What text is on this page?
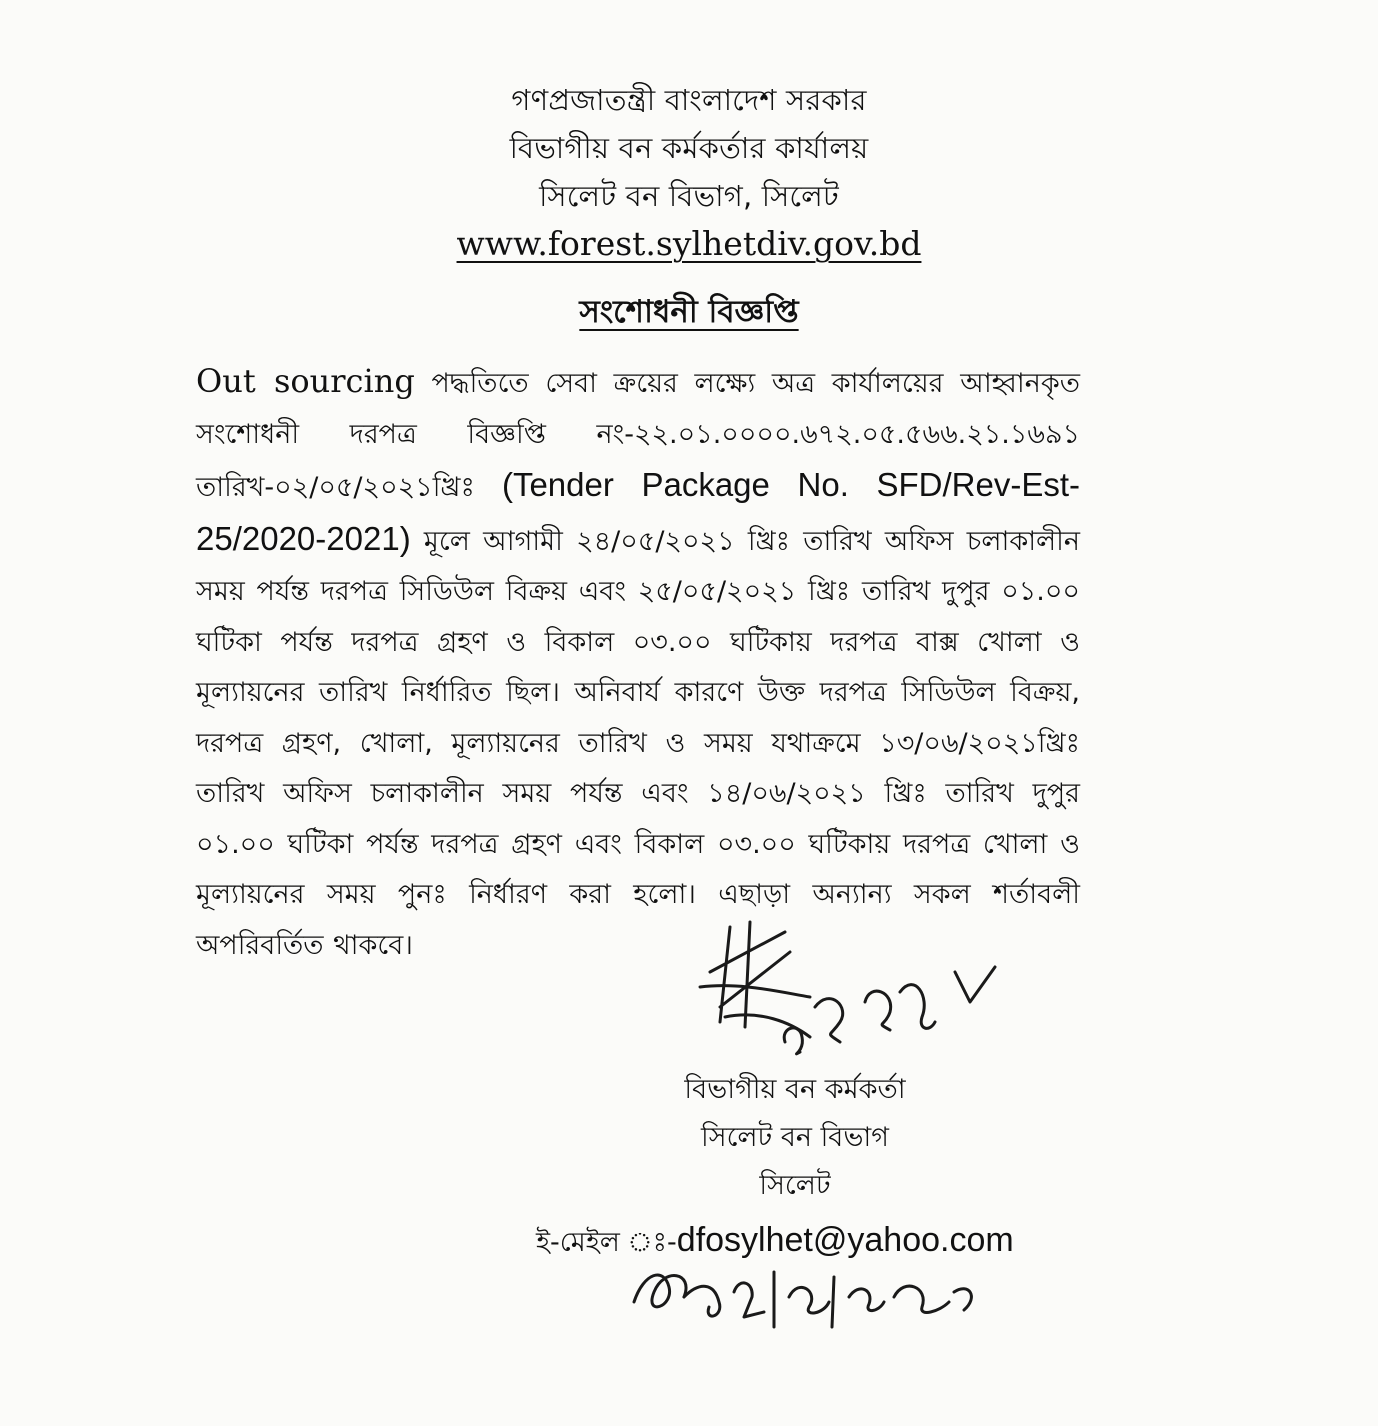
গণপ্রজাতন্ত্রী বাংলাদেশ সরকার
বিভাগীয় বন কর্মকর্তার কার্যালয়
সিলেট বন বিভাগ, সিলেট
www.forest.sylhetdiv.gov.bd
সংশোধনী বিজ্ঞপ্তি
Out sourcing পদ্ধতিতে সেবা ক্রয়ের লক্ষ্যে অত্র কার্যালয়ের আহ্বানকৃত সংশোধনী দরপত্র বিজ্ঞপ্তি নং-২২.০১.০০০০.৬৭২.০৫.৫৬৬.২১.১৬৯১ তারিখ-০২/০৫/২০২১খ্রিঃ (Tender Package No. SFD/Rev-Est-25/2020-2021) মূলে আগামী ২৪/০৫/২০২১ খ্রিঃ তারিখ অফিস চলাকালীন সময় পর্যন্ত দরপত্র সিডিউল বিক্রয় এবং ২৫/০৫/২০২১ খ্রিঃ তারিখ দুপুর ০১.০০ ঘটিকা পর্যন্ত দরপত্র গ্রহণ ও বিকাল ০৩.০০ ঘটিকায় দরপত্র বাক্স খোলা ও মূল্যায়নের তারিখ নির্ধারিত ছিল। অনিবার্য কারণে উক্ত দরপত্র সিডিউল বিক্রয়, দরপত্র গ্রহণ, খোলা, মূল্যায়নের তারিখ ও সময় যথাক্রমে ১৩/০৬/২০২১খ্রিঃ তারিখ অফিস চলাকালীন সময় পর্যন্ত এবং ১৪/০৬/২০২১ খ্রিঃ তারিখ দুপুর ০১.০০ ঘটিকা পর্যন্ত দরপত্র গ্রহণ এবং বিকাল ০৩.০০ ঘটিকায় দরপত্র খোলা ও মূল্যায়নের সময় পুনঃ নির্ধারণ করা হলো। এছাড়া অন্যান্য সকল শর্তাবলী অপরিবর্তিত থাকবে।
বিভাগীয় বন কর্মকর্তা
সিলেট বন বিভাগ
সিলেট
ই-মেইল ঃ-dfosylhet@yahoo.com
